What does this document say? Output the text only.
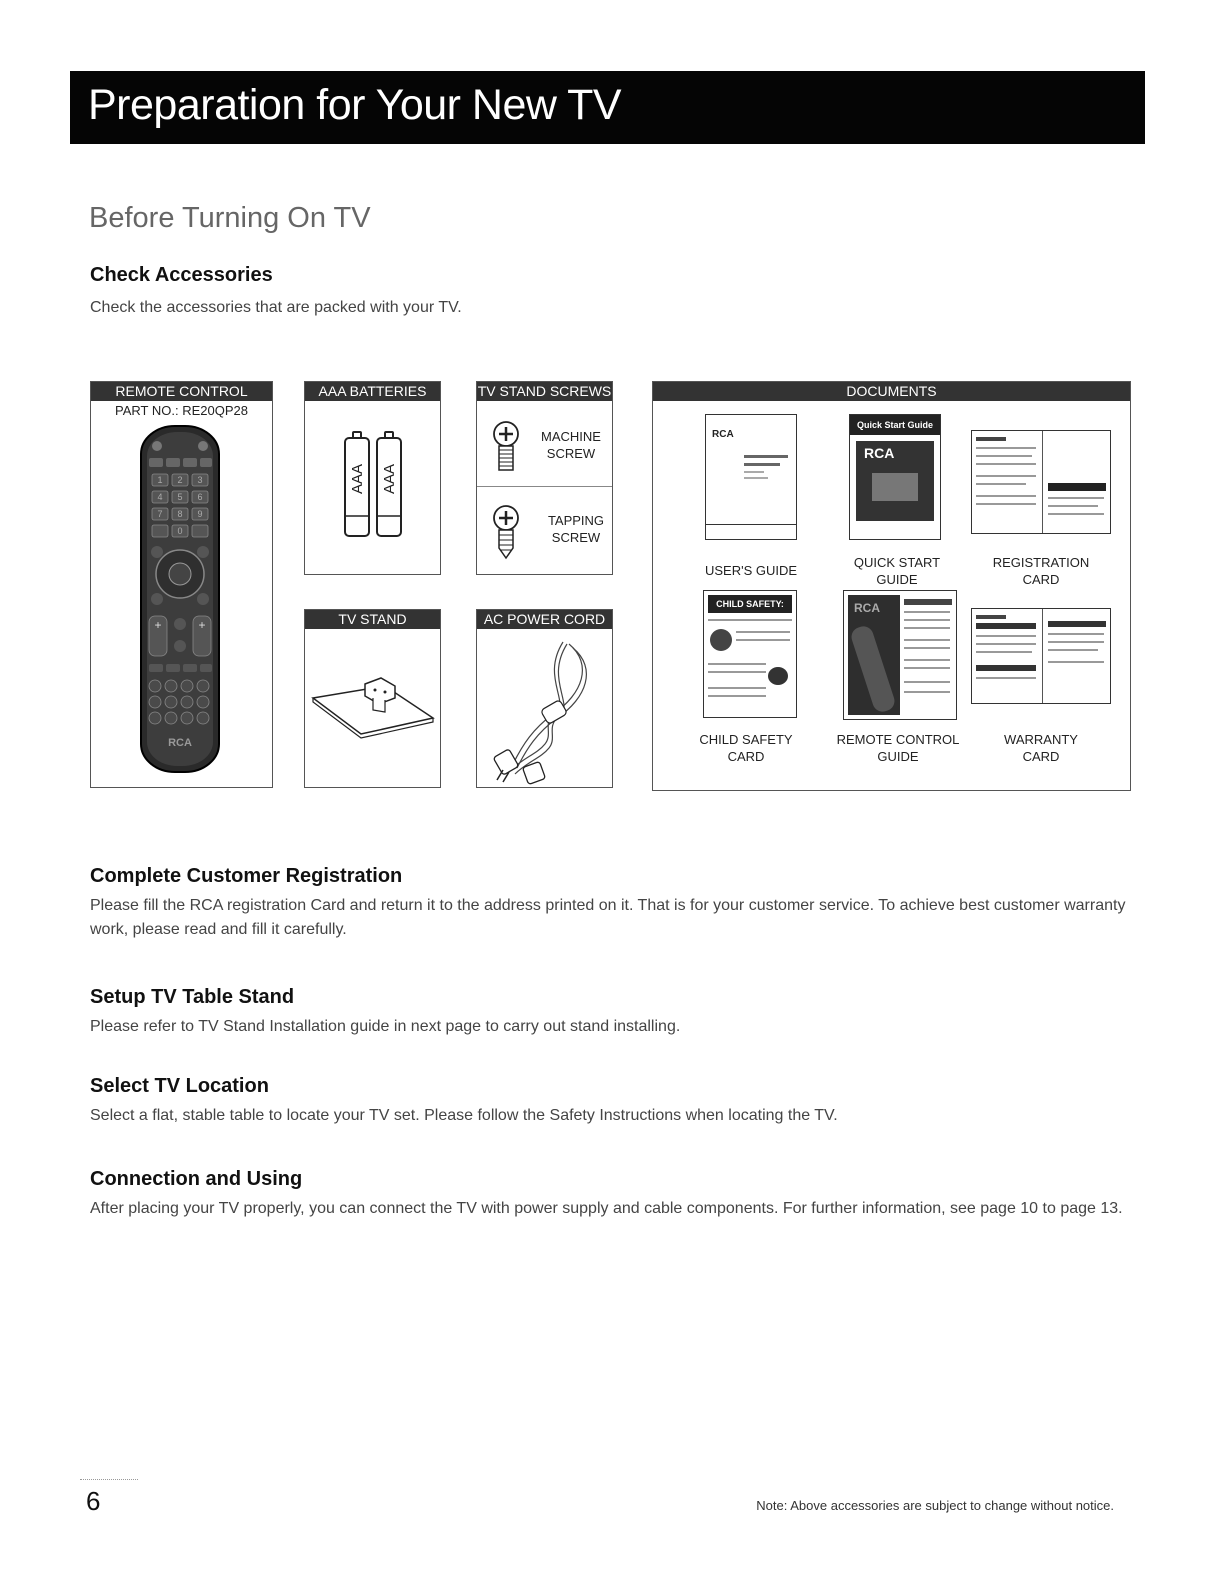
Preparation for Your New TV
Before Turning On TV
Check Accessories

Check the accessories that are packed with your TV.

REMOTE CONTROL
PART NO.: RE20QP28
1 2 3
4 5 6
7 8 9
0
+	+
RCA
AAA BATTERIES
AAA AAA
TV STAND SCREWS
MACHINE
SCREW
TAPPING
SCREW
TV STAND	AC POWER CORD
DOCUMENTS
RCA
USER'S GUIDE
Quick Start Guide
RCA
QUICK START
GUIDE
REGISTRATION
CARD
CHILD SAFETY:
CHILD SAFETY
CARD
RCA
REMOTE CONTROL
GUIDE
WARRANTY
CARD
Complete Customer Registration

Please fill the RCA registration Card and return it to the address printed on it. That is for your customer service. To achieve best customer warranty work, please read and fill it carefully.

Setup TV Table Stand

Please refer to TV Stand Installation guide in next page to carry out stand installing.

Select TV Location

Select a flat, stable table to locate your TV set. Please follow the Safety Instructions when locating the TV.

Connection and Using

After placing your TV properly, you can connect the TV with power supply and cable components. For further information, see page 10 to page 13.

6	Note: Above accessories are subject to change without notice.
